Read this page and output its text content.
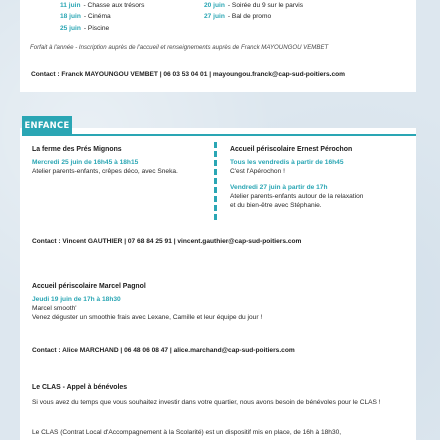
11 juin - Chasse aux trésors
18 juin - Cinéma
25 juin - Piscine
20 juin - Soirée du 9 sur le parvis
27 juin - Bal de promo
Forfait à l'année - Inscription auprès de l'accueil et renseignements auprès de Franck MAYOUNGOU VEMBET
Contact : Franck MAYOUNGOU VEMBET | 06 03 53 04 01 | mayoungou.franck@cap-sud-poitiers.com
ENFANCE
La ferme des Prés Mignons
Mercredi 25 juin de 16h45 à 18h15
Atelier parents-enfants, crêpes déco, avec Sneka.
Accueil périscolaire Ernest Pérochon
Tous les vendredis à partir de 16h45
C'est l'Apérochon !
Vendredi 27 juin à partir de 17h
Atelier parents-enfants autour de la relaxation
et du bien-être avec Stéphanie.
Contact : Vincent GAUTHIER | 07 68 84 25 91 | vincent.gauthier@cap-sud-poitiers.com
Accueil périscolaire Marcel Pagnol
Jeudi 19 juin de 17h à 18h30
Marcel smooth'
Venez déguster un smoothie frais avec Lexane, Camille et leur équipe du jour !
Contact : Alice MARCHAND | 06 48 06 08 47 | alice.marchand@cap-sud-poitiers.com
Le CLAS - Appel à bénévoles
Si vous avez du temps que vous souhaitez investir dans votre quartier, nous avons besoin de bénévoles pour le CLAS !
Le CLAS (Contrat Local d'Accompagnement à la Scolarité) est un dispositif mis en place, de 16h à 18h30,
